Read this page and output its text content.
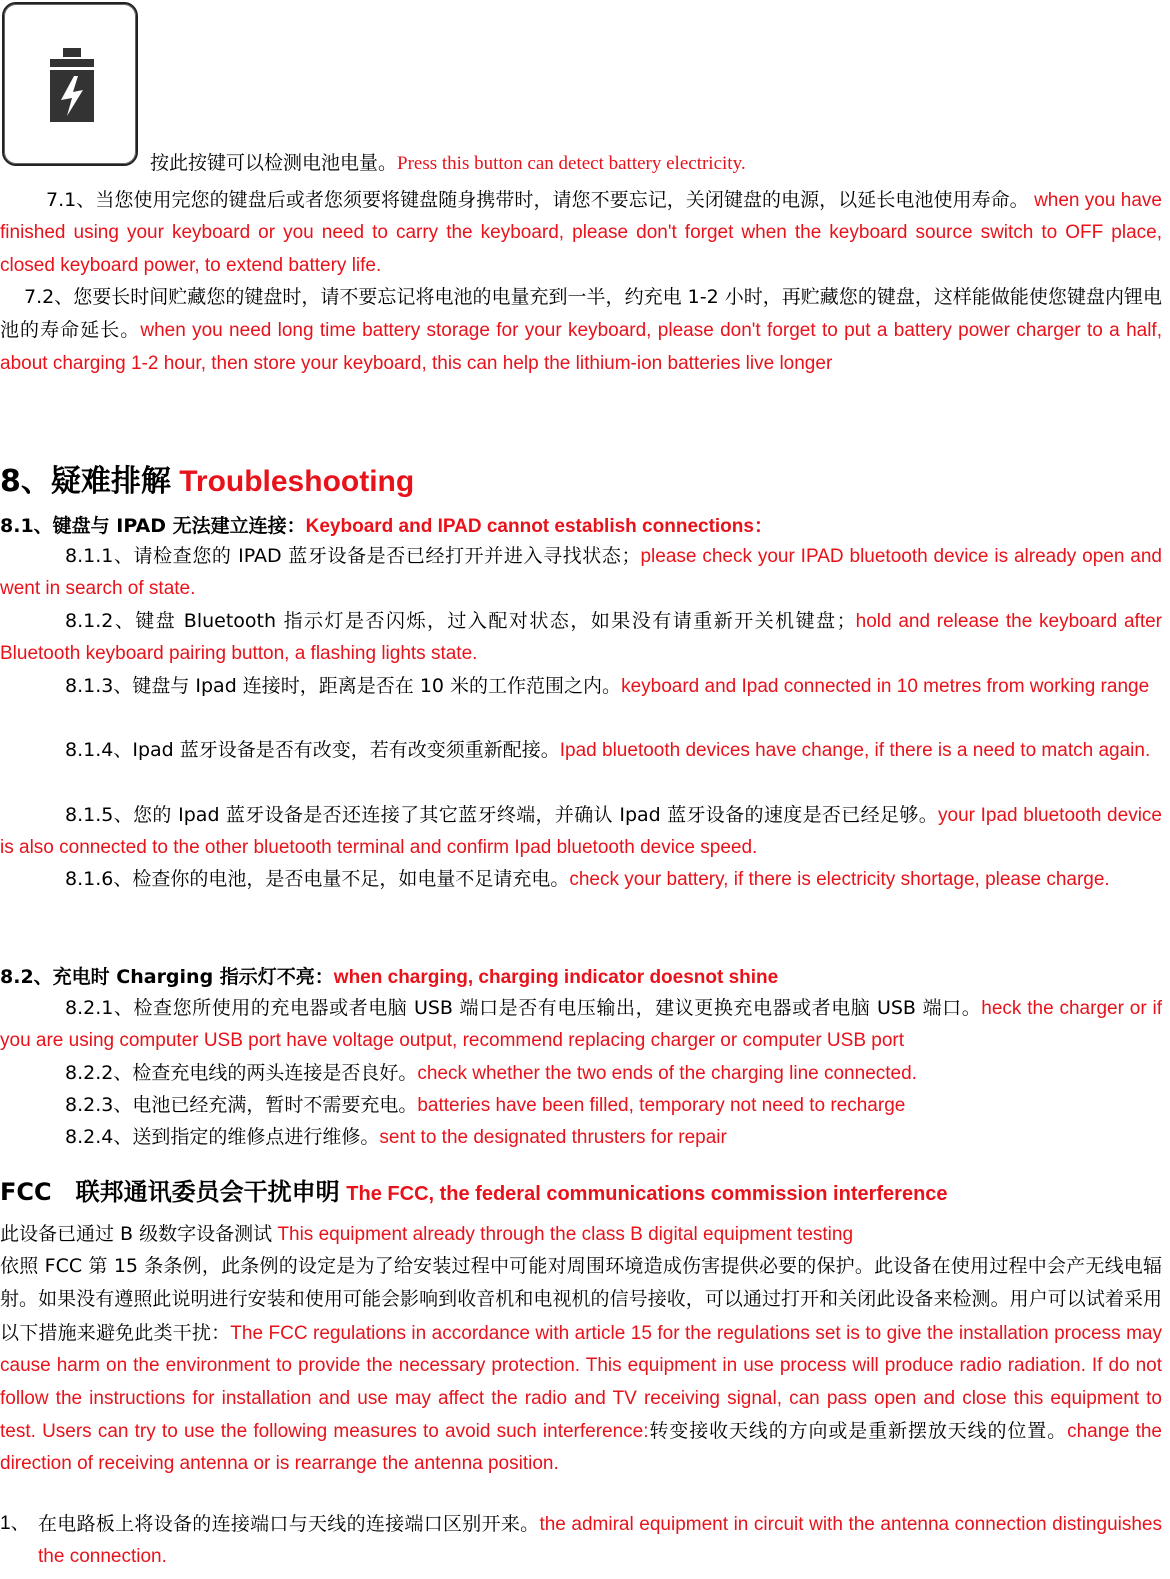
按此按键可以检测电池电量。Press this button can detect battery electricity.
7.1、当您使用完您的键盘后或者您须要将键盘随身携带时，请您不要忘记，关闭键盘的电源，以延长电池使用寿命。 when you have finished using your keyboard or you need to carry the keyboard, please don't forget when the keyboard source switch to OFF place, closed keyboard power, to extend battery life.
7.2、您要长时间贮藏您的键盘时，请不要忘记将电池的电量充到一半，约充电 1-2 小时，再贮藏您的键盘，这样能做能使您键盘内锂电池的寿命延长。when you need long time battery storage for your keyboard, please don't forget to put a battery power charger to a half, about charging 1-2 hour, then store your keyboard, this can help the lithium-ion batteries live longer
8、疑难排解 Troubleshooting
8.1、键盘与 IPAD 无法建立连接：Keyboard and IPAD cannot establish connections：
8.1.1、请检查您的 IPAD 蓝牙设备是否已经打开并进入寻找状态；please check your IPAD bluetooth device is already open and went in search of state.
8.1.2、键盘 Bluetooth 指示灯是否闪烁，过入配对状态，如果没有请重新开关机键盘；hold and release the keyboard after Bluetooth keyboard pairing button, a flashing lights state.
8.1.3、键盘与 Ipad 连接时，距离是否在 10 米的工作范围之内。keyboard and Ipad connected in 10 metres from working range
8.1.4、Ipad 蓝牙设备是否有改变，若有改变须重新配接。Ipad bluetooth devices have change, if there is a need to match again.
8.1.5、您的 Ipad 蓝牙设备是否还连接了其它蓝牙终端，并确认 Ipad 蓝牙设备的速度是否已经足够。your Ipad bluetooth device is also connected to the other bluetooth terminal and confirm Ipad bluetooth device speed.
8.1.6、检查你的电池，是否电量不足，如电量不足请充电。check your battery, if there is electricity shortage, please charge.
8.2、充电时 Charging 指示灯不亮：when charging, charging indicator doesnot shine
8.2.1、检查您所使用的充电器或者电脑 USB 端口是否有电压输出，建议更换充电器或者电脑 USB 端口。heck the charger or if you are using computer USB port have voltage output, recommend replacing charger or computer USB port
8.2.2、检查充电线的两头连接是否良好。check whether the two ends of the charging line connected.
8.2.3、电池已经充满，暂时不需要充电。batteries have been filled, temporary not need to recharge
8.2.4、送到指定的维修点进行维修。sent to the designated thrusters for repair
FCC　联邦通讯委员会干扰申明 The FCC, the federal communications commission interference
此设备已通过 B 级数字设备测试 This equipment already through the class B digital equipment testing
依照 FCC 第 15 条条例，此条例的设定是为了给安装过程中可能对周围环境造成伤害提供必要的保护。此设备在使用过程中会产无线电辐射。如果没有遵照此说明进行安装和使用可能会影响到收音机和电视机的信号接收，可以通过打开和关闭此设备来检测。用户可以试着采用以下措施来避免此类干扰：The FCC regulations in accordance with article 15 for the regulations set is to give the installation process may cause harm on the environment to provide the necessary protection. This equipment in use process will produce radio radiation. If do not follow the instructions for installation and use may affect the radio and TV receiving signal, can pass open and close this equipment to test. Users can try to use the following measures to avoid such interference:转变接收天线的方向或是重新摆放天线的位置。change the direction of receiving antenna or is rearrange the antenna position.
1、 在电路板上将设备的连接端口与天线的连接端口区别开来。the admiral equipment in circuit with the antenna connection distinguishes the connection.
